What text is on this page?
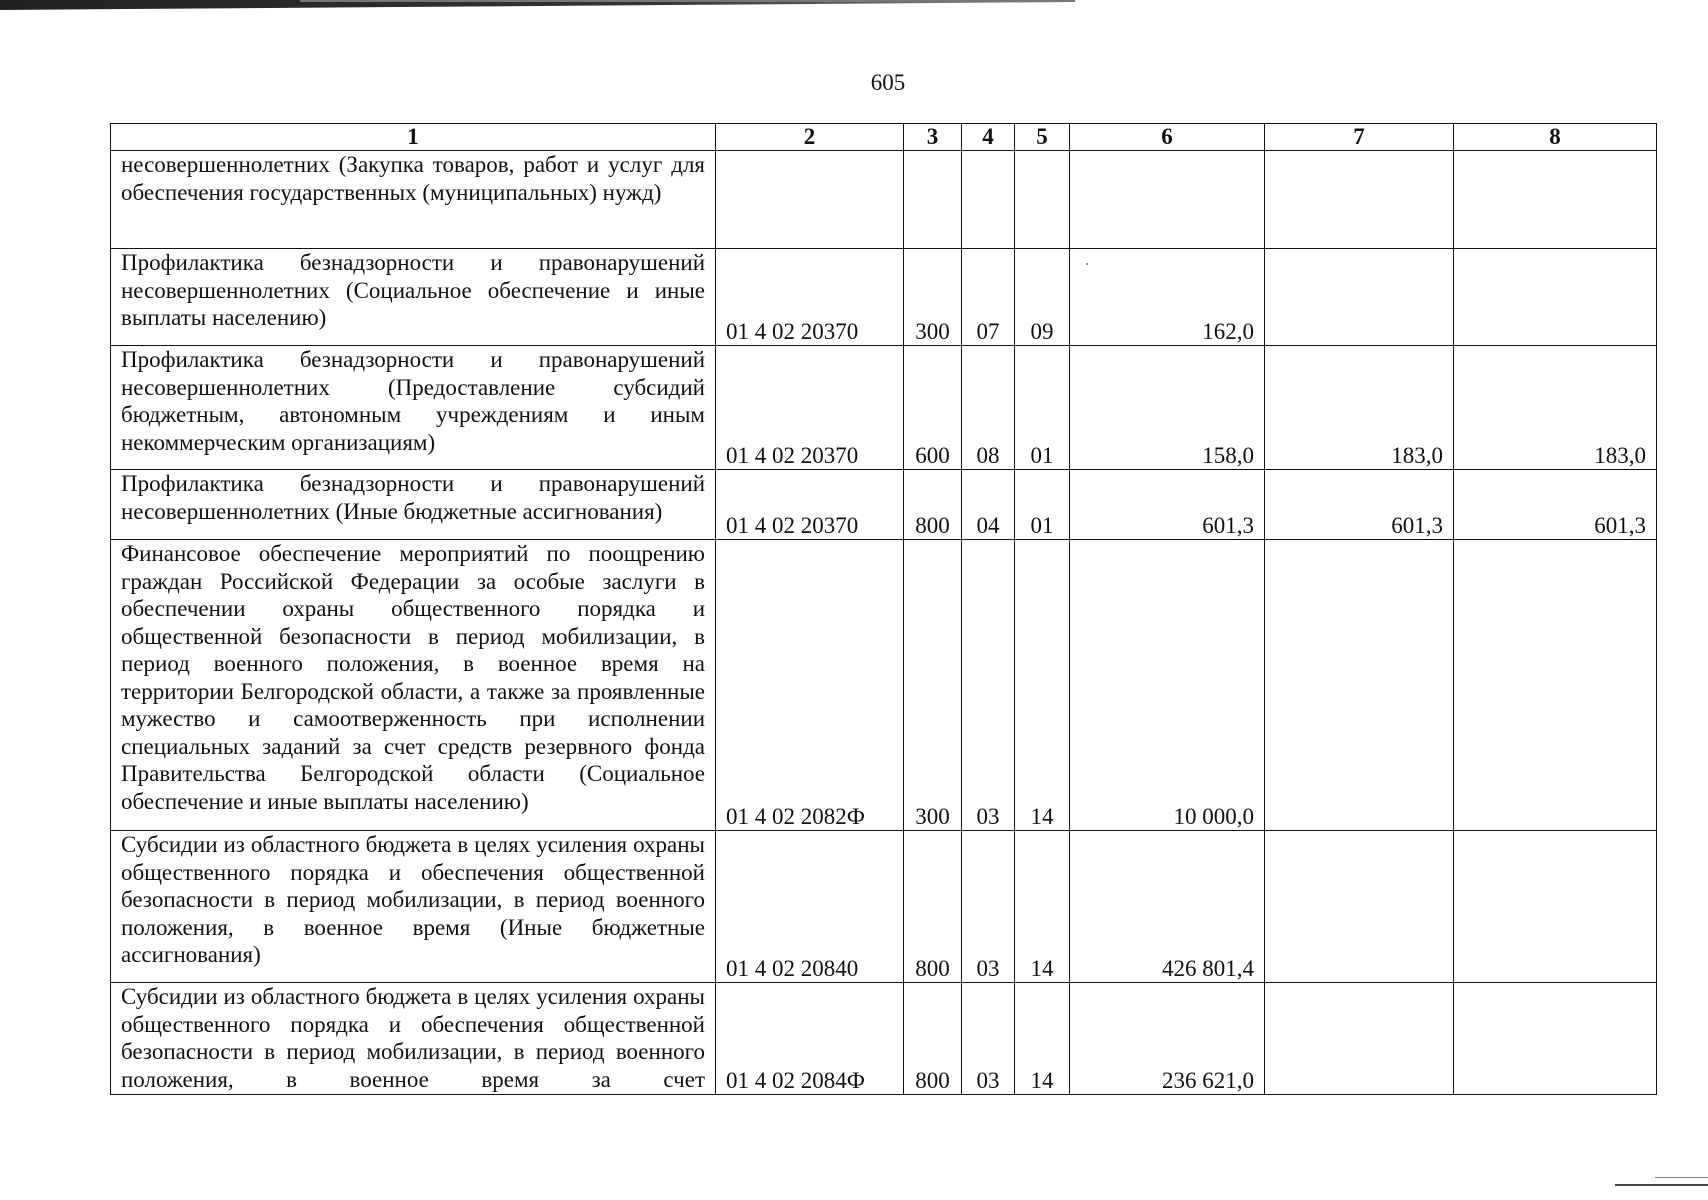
605
1	2	3	4	5	6	7	8
несовершеннолетних (Закупка товаров, работ и услуг для обеспечения государственных (муниципальных) нужд)							
Профилактика безнадзорности и правонарушений несовершеннолетних (Социальное обеспечение и иные выплаты населению)	01 4 02 20370	300	07	09	162,0		
Профилактика безнадзорности и правонарушений несовершеннолетних (Предоставление субсидий бюджетным, автономным учреждениям и иным некоммерческим организациям)	01 4 02 20370	600	08	01	158,0	183,0	183,0
Профилактика безнадзорности и правонарушений несовершеннолетних (Иные бюджетные ассигнования)	01 4 02 20370	800	04	01	601,3	601,3	601,3
Финансовое обеспечение мероприятий по поощрению граждан Российской Федерации за особые заслуги в обеспечении охраны общественного порядка и общественной безопасности в период мобилизации, в период военного положения, в военное время на территории Белгородской области, а также за проявленные мужество и самоотверженность при исполнении специальных заданий за счет средств резервного фонда Правительства Белгородской области (Социальное обеспечение и иные выплаты населению)	01 4 02 2082Ф	300	03	14	10 000,0		
Субсидии из областного бюджета в целях усиления охраны общественного порядка и обеспечения общественной безопасности в период мобилизации, в период военного положения, в военное время (Иные бюджетные ассигнования)	01 4 02 20840	800	03	14	426 801,4		
Субсидии из областного бюджета в целях усиления охраны общественного порядка и обеспечения общественной безопасности в период мобилизации, в период военного положения, в военное время за счет	01 4 02 2084Ф	800	03	14	236 621,0		
